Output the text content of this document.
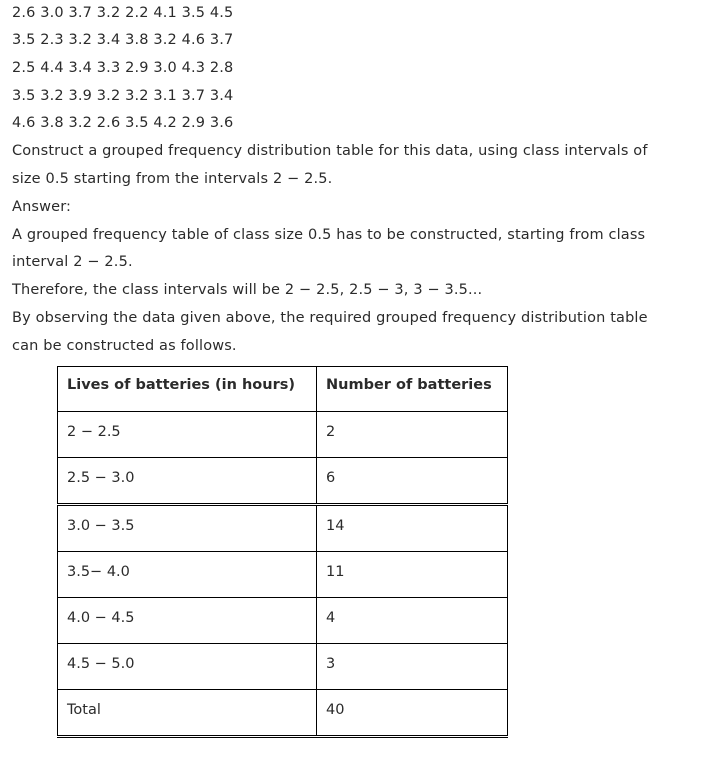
2.6 3.0 3.7 3.2 2.2 4.1 3.5 4.5
3.5 2.3 3.2 3.4 3.8 3.2 4.6 3.7
2.5 4.4 3.4 3.3 2.9 3.0 4.3 2.8
3.5 3.2 3.9 3.2 3.2 3.1 3.7 3.4
4.6 3.8 3.2 2.6 3.5 4.2 2.9 3.6
Construct a grouped frequency distribution table for this data, using class intervals of
size 0.5 starting from the intervals 2 − 2.5.
Answer:
A grouped frequency table of class size 0.5 has to be constructed, starting from class
interval 2 − 2.5.
Therefore, the class intervals will be 2 − 2.5, 2.5 − 3, 3 − 3.5...
By observing the data given above, the required grouped frequency distribution table
can be constructed as follows.
Lives of batteries (in hours)	Number of batteries
2 − 2.5	2
2.5 − 3.0	6
3.0 − 3.5	14
3.5− 4.0	11
4.0 − 4.5	4
4.5 − 5.0	3
Total	40
